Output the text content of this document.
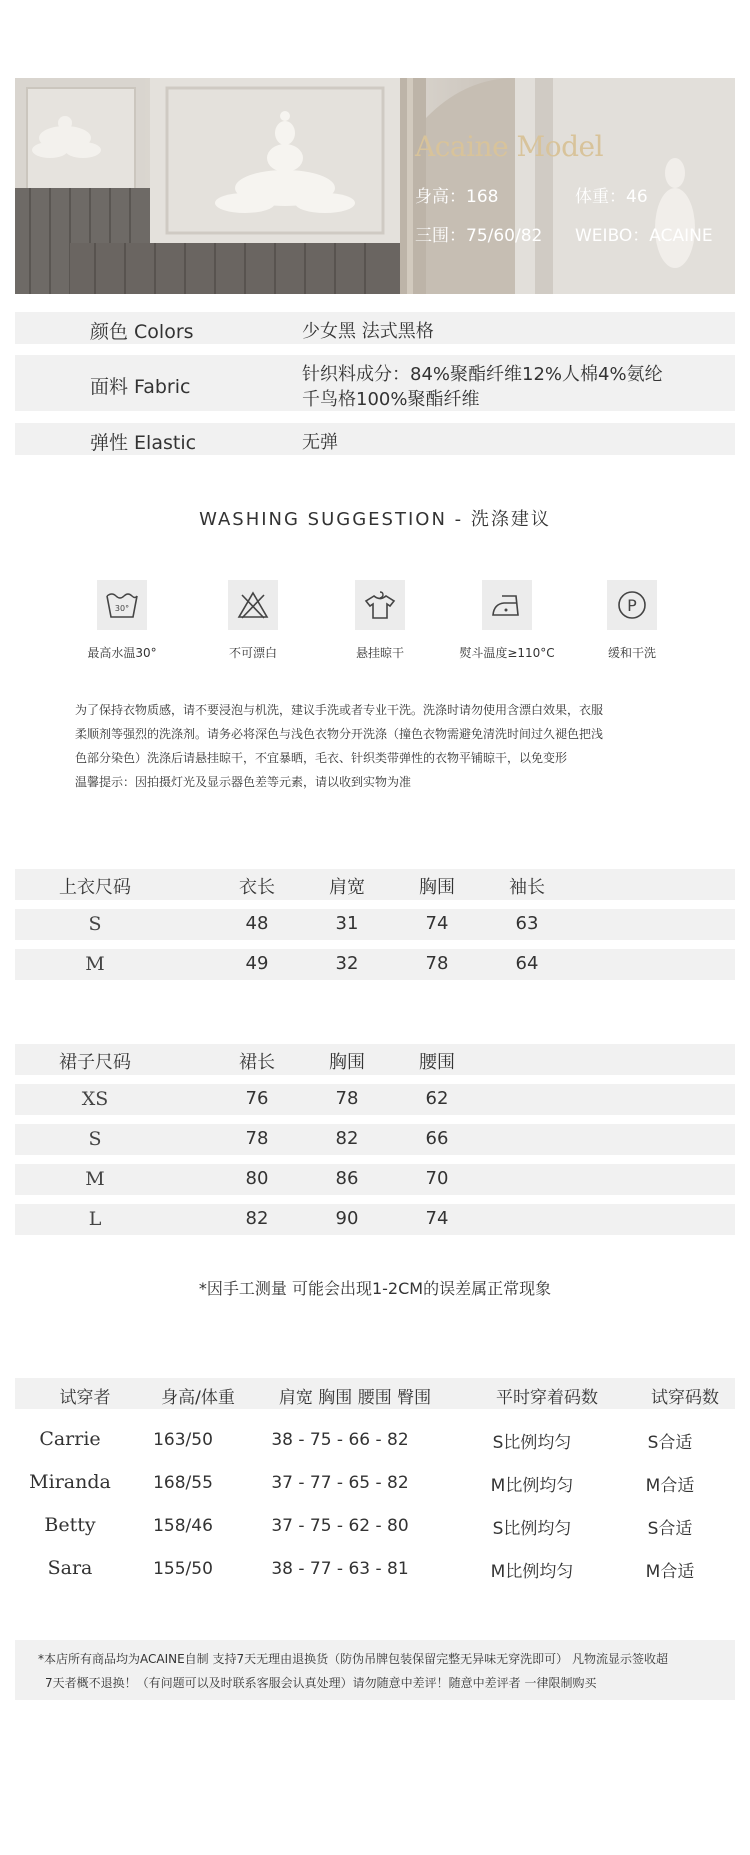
Acaine Model
身高：168	体重：46
三围：75/60/82 WEIBO：ACAINE
颜色 Colors	少女黑 法式黑格
面料 Fabric
针织料成分：84%聚酯纤维12%人棉4%氨纶
千鸟格100%聚酯纤维
弹性 Elastic	无弹
WASHING SUGGESTION - 洗涤建议
30°	P
最高水温30°	不可漂白	悬挂晾干	熨斗温度≥110°C	缓和干洗
为了保持衣物质感，请不要浸泡与机洗，建议手洗或者专业干洗。洗涤时请勿使用含漂白效果，衣服
柔顺剂等强烈的洗涤剂。请务必将深色与浅色衣物分开洗涤（撞色衣物需避免清洗时间过久褪色把浅
色部分染色）洗涤后请悬挂晾干，不宜暴晒，毛衣、针织类带弹性的衣物平铺晾干，以免变形
温馨提示：因拍摄灯光及显示器色差等元素，请以收到实物为准
上衣尺码	衣长	肩宽	胸围	袖长
S	48	31	74	63
M	49	32	78	64
裙子尺码	裙长	胸围	腰围
XS	76	78	62
S	78	82	66
M	80	86	70
L	82	90	74
*因手工测量 可能会出现1-2CM的误差属正常现象
试穿者	身高/体重	肩宽 胸围 腰围 臀围	平时穿着码数	试穿码数
Carrie	163/50	38 - 75 - 66 - 82	S比例均匀	S合适
Miranda	168/55	37 - 77 - 65 - 82	M比例均匀	M合适
Betty	158/46	37 - 75 - 62 - 80	S比例均匀	S合适
Sara	155/50	38 - 77 - 63 - 81	M比例均匀	M合适
*本店所有商品均为ACAINE自制 支持7天无理由退换货（防伪吊牌包装保留完整无异味无穿洗即可） 凡物流显示签收超
7天者概不退换！（有问题可以及时联系客服会认真处理）请勿随意中差评！随意中差评者 一律限制购买
